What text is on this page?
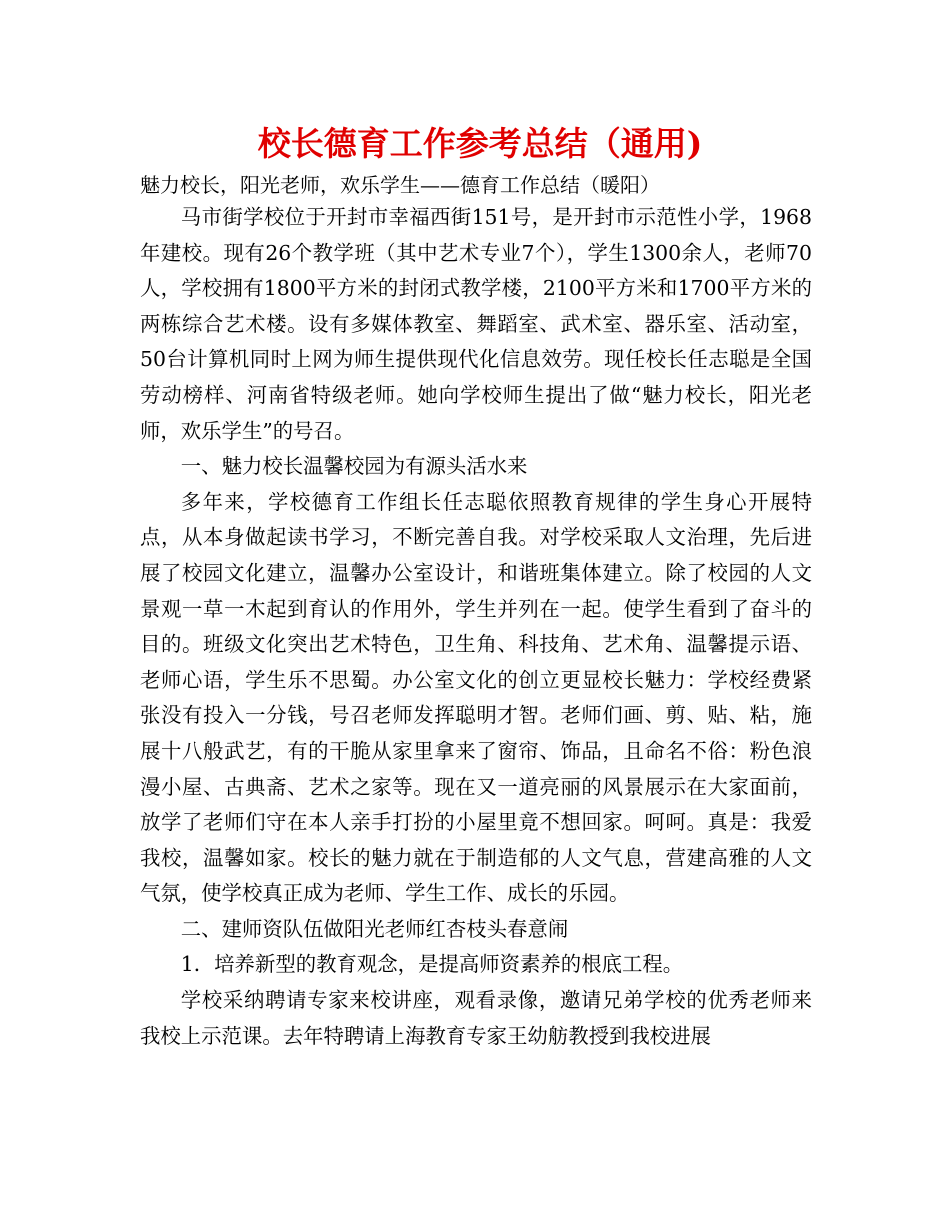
校长德育工作参考总结（通用)

魅力校长，阳光老师，欢乐学生——德育工作总结（暖阳）

马市街学校位于开封市幸福西街151号，是开封市示范性小学，1968年建校。现有26个教学班（其中艺术专业7个），学生1300余人，老师70人，学校拥有1800平方米的封闭式教学楼，2100平方米和1700平方米的两栋综合艺术楼。设有多媒体教室、舞蹈室、武术室、器乐室、活动室，50台计算机同时上网为师生提供现代化信息效劳。现任校长任志聪是全国劳动榜样、河南省特级老师。她向学校师生提出了做“魅力校长，阳光老师，欢乐学生”的号召。

一、魅力校长温馨校园为有源头活水来

多年来，学校德育工作组长任志聪依照教育规律的学生身心开展特点，从本身做起读书学习，不断完善自我。对学校采取人文治理，先后进展了校园文化建立，温馨办公室设计，和谐班集体建立。除了校园的人文景观一草一木起到育认的作用外，学生并列在一起。使学生看到了奋斗的目的。班级文化突出艺术特色，卫生角、科技角、艺术角、温馨提示语、老师心语，学生乐不思蜀。办公室文化的创立更显校长魅力：学校经费紧张没有投入一分钱，号召老师发挥聪明才智。老师们画、剪、贴、粘，施展十八般武艺，有的干脆从家里拿来了窗帘、饰品，且命名不俗：粉色浪漫小屋、古典斋、艺术之家等。现在又一道亮丽的风景展示在大家面前，放学了老师们守在本人亲手打扮的小屋里竟不想回家。呵呵。真是：我爱我校，温馨如家。校长的魅力就在于制造郁的人文气息，营建高雅的人文气氛，使学校真正成为老师、学生工作、成长的乐园。

二、建师资队伍做阳光老师红杏枝头春意闹

1．培养新型的教育观念，是提高师资素养的根底工程。

学校采纳聘请专家来校讲座，观看录像，邀请兄弟学校的优秀老师来我校上示范课。去年特聘请上海教育专家王幼舫教授到我校进展
